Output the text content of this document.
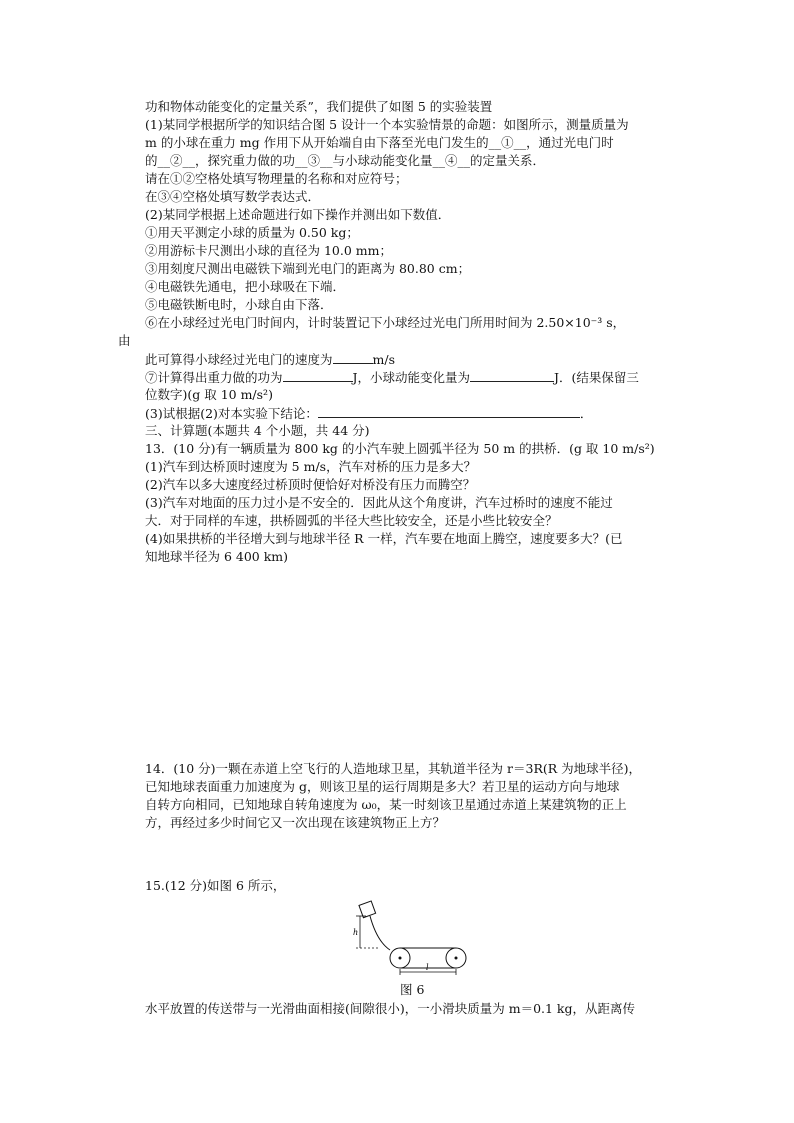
功和物体动能变化的定量关系”，我们提供了如图 5 的实验装置
(1)某同学根据所学的知识结合图 5 设计一个本实验情景的命题：如图所示，测量质量为
m 的小球在重力 mg 作用下从开始端自由下落至光电门发生的__①__，通过光电门时
的__②__，探究重力做的功__③__与小球动能变化量__④__的定量关系．
请在①②空格处填写物理量的名称和对应符号；
在③④空格处填写数学表达式．
(2)某同学根据上述命题进行如下操作并测出如下数值．
①用天平测定小球的质量为 0.50 kg；
②用游标卡尺测出小球的直径为 10.0 mm；
③用刻度尺测出电磁铁下端到光电门的距离为 80.80 cm；
④电磁铁先通电，把小球吸在下端．
⑤电磁铁断电时，小球自由下落．
⑥在小球经过光电门时间内，计时装置记下小球经过光电门所用时间为 2.50×10⁻³ s，
由
此可算得小球经过光电门的速度为	m/s
⑦计算得出重力做的功为	J，小球动能变化量为	J．(结果保留三
位数字)(g 取 10 m/s²)
(3)试根据(2)对本实验下结论：	．
三、计算题(本题共 4 个小题，共 44 分)
13．(10 分)有一辆质量为 800 kg 的小汽车驶上圆弧半径为 50 m 的拱桥．(g 取 10 m/s²)
(1)汽车到达桥顶时速度为 5 m/s，汽车对桥的压力是多大？
(2)汽车以多大速度经过桥顶时便恰好对桥没有压力而腾空？
(3)汽车对地面的压力过小是不安全的．因此从这个角度讲，汽车过桥时的速度不能过
大．对于同样的车速，拱桥圆弧的半径大些比较安全，还是小些比较安全？
(4)如果拱桥的半径增大到与地球半径 R 一样，汽车要在地面上腾空，速度要多大？(已
知地球半径为 6 400 km)
14．(10 分)一颗在赤道上空飞行的人造地球卫星，其轨道半径为 r＝3R(R 为地球半径)，
已知地球表面重力加速度为 g，则该卫星的运行周期是多大？若卫星的运动方向与地球
自转方向相同，已知地球自转角速度为 ω₀，某一时刻该卫星通过赤道上某建筑物的正上
方，再经过多少时间它又一次出现在该建筑物正上方？
15.(12 分)如图 6 所示，
h
l
图 6
水平放置的传送带与一光滑曲面相接(间隙很小)，一小滑块质量为 m＝0.1 kg，从距离传
